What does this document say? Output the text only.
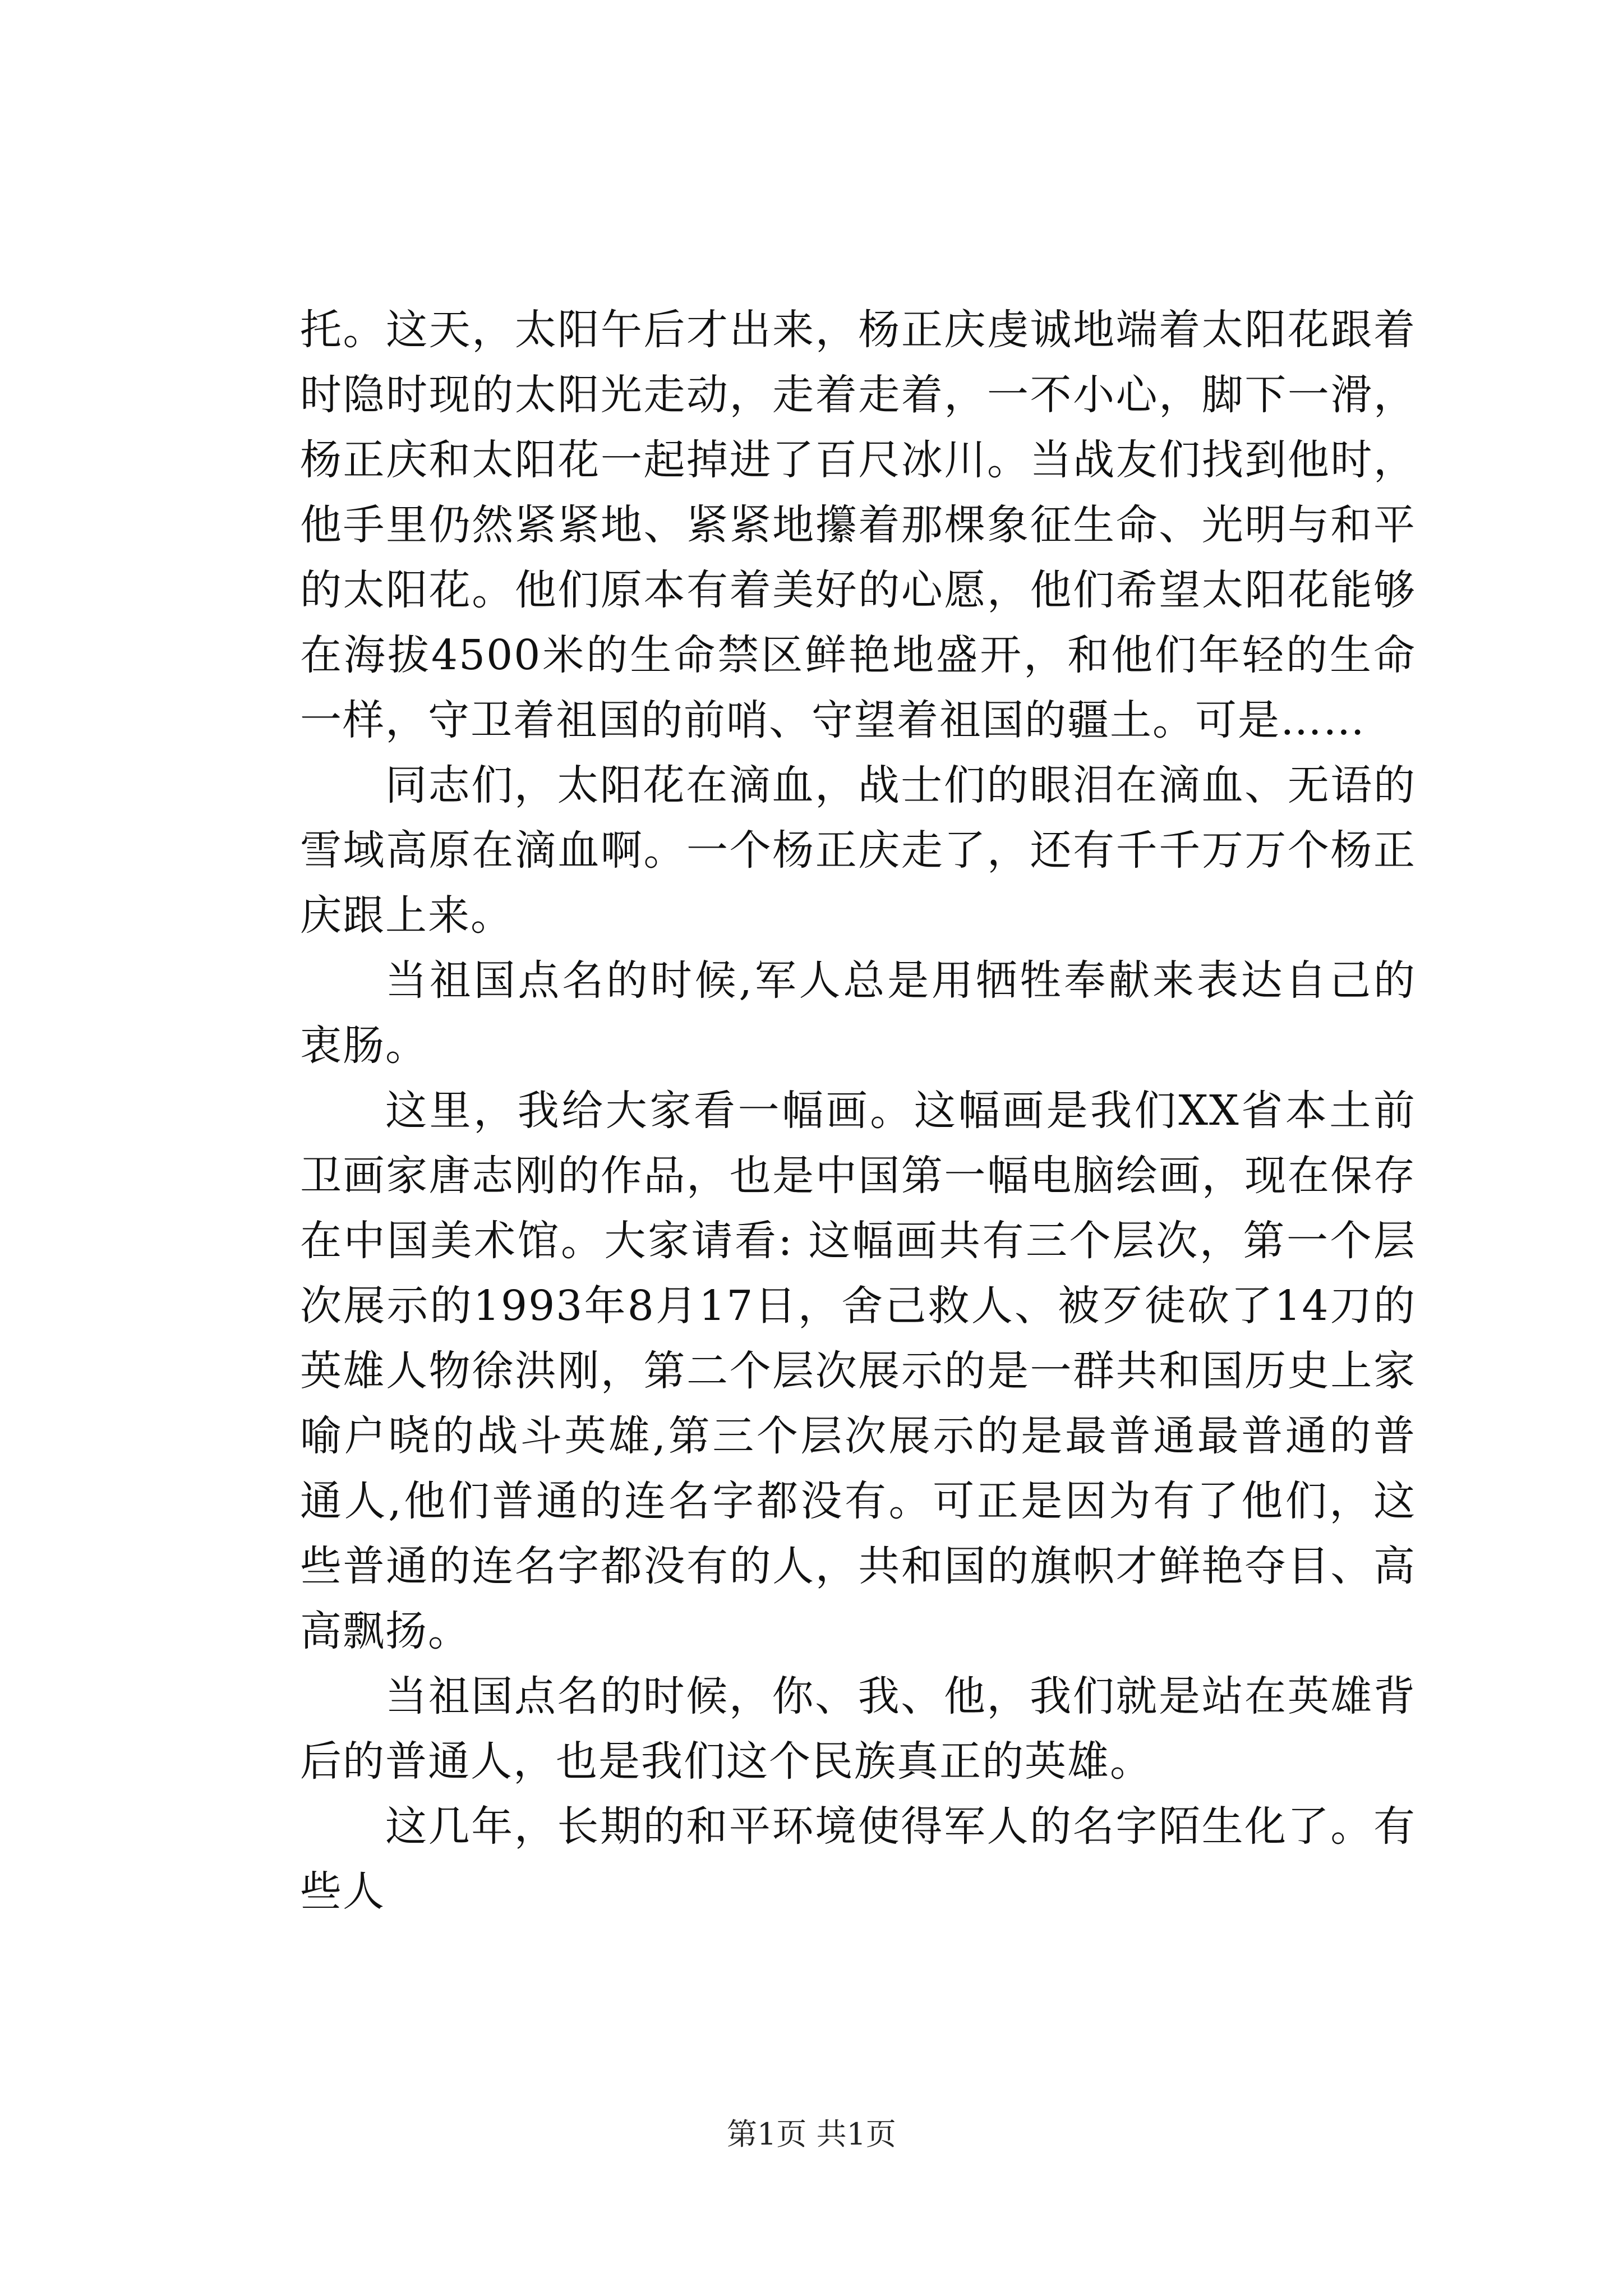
托。这天，太阳午后才出来，杨正庆虔诚地端着太阳花跟着时隐时现的太阳光走动，走着走着，一不小心，脚下一滑，杨正庆和太阳花一起掉进了百尺冰川。当战友们找到他时，他手里仍然紧紧地、紧紧地攥着那棵象征生命、光明与和平的太阳花。他们原本有着美好的心愿，他们希望太阳花能够在海拔4500米的生命禁区鲜艳地盛开，和他们年轻的生命一样，守卫着祖国的前哨、守望着祖国的疆土。可是……

同志们，太阳花在滴血，战士们的眼泪在滴血、无语的雪域高原在滴血啊。一个杨正庆走了，还有千千万万个杨正庆跟上来。

当祖国点名的时候,军人总是用牺牲奉献来表达自己的衷肠。

这里，我给大家看一幅画。这幅画是我们XX省本土前卫画家唐志刚的作品，也是中国第一幅电脑绘画，现在保存在中国美术馆。大家请看: 这幅画共有三个层次，第一个层次展示的1993年8月17日，舍己救人、被歹徒砍了14刀的英雄人物徐洪刚，第二个层次展示的是一群共和国历史上家喻户晓的战斗英雄,第三个层次展示的是最普通最普通的普通人,他们普通的连名字都没有。可正是因为有了他们，这些普通的连名字都没有的人，共和国的旗帜才鲜艳夺目、高高飘扬。

当祖国点名的时候，你、我、他，我们就是站在英雄背后的普通人，也是我们这个民族真正的英雄。

这几年，长期的和平环境使得军人的名字陌生化了。有些人

第1页 共1页
